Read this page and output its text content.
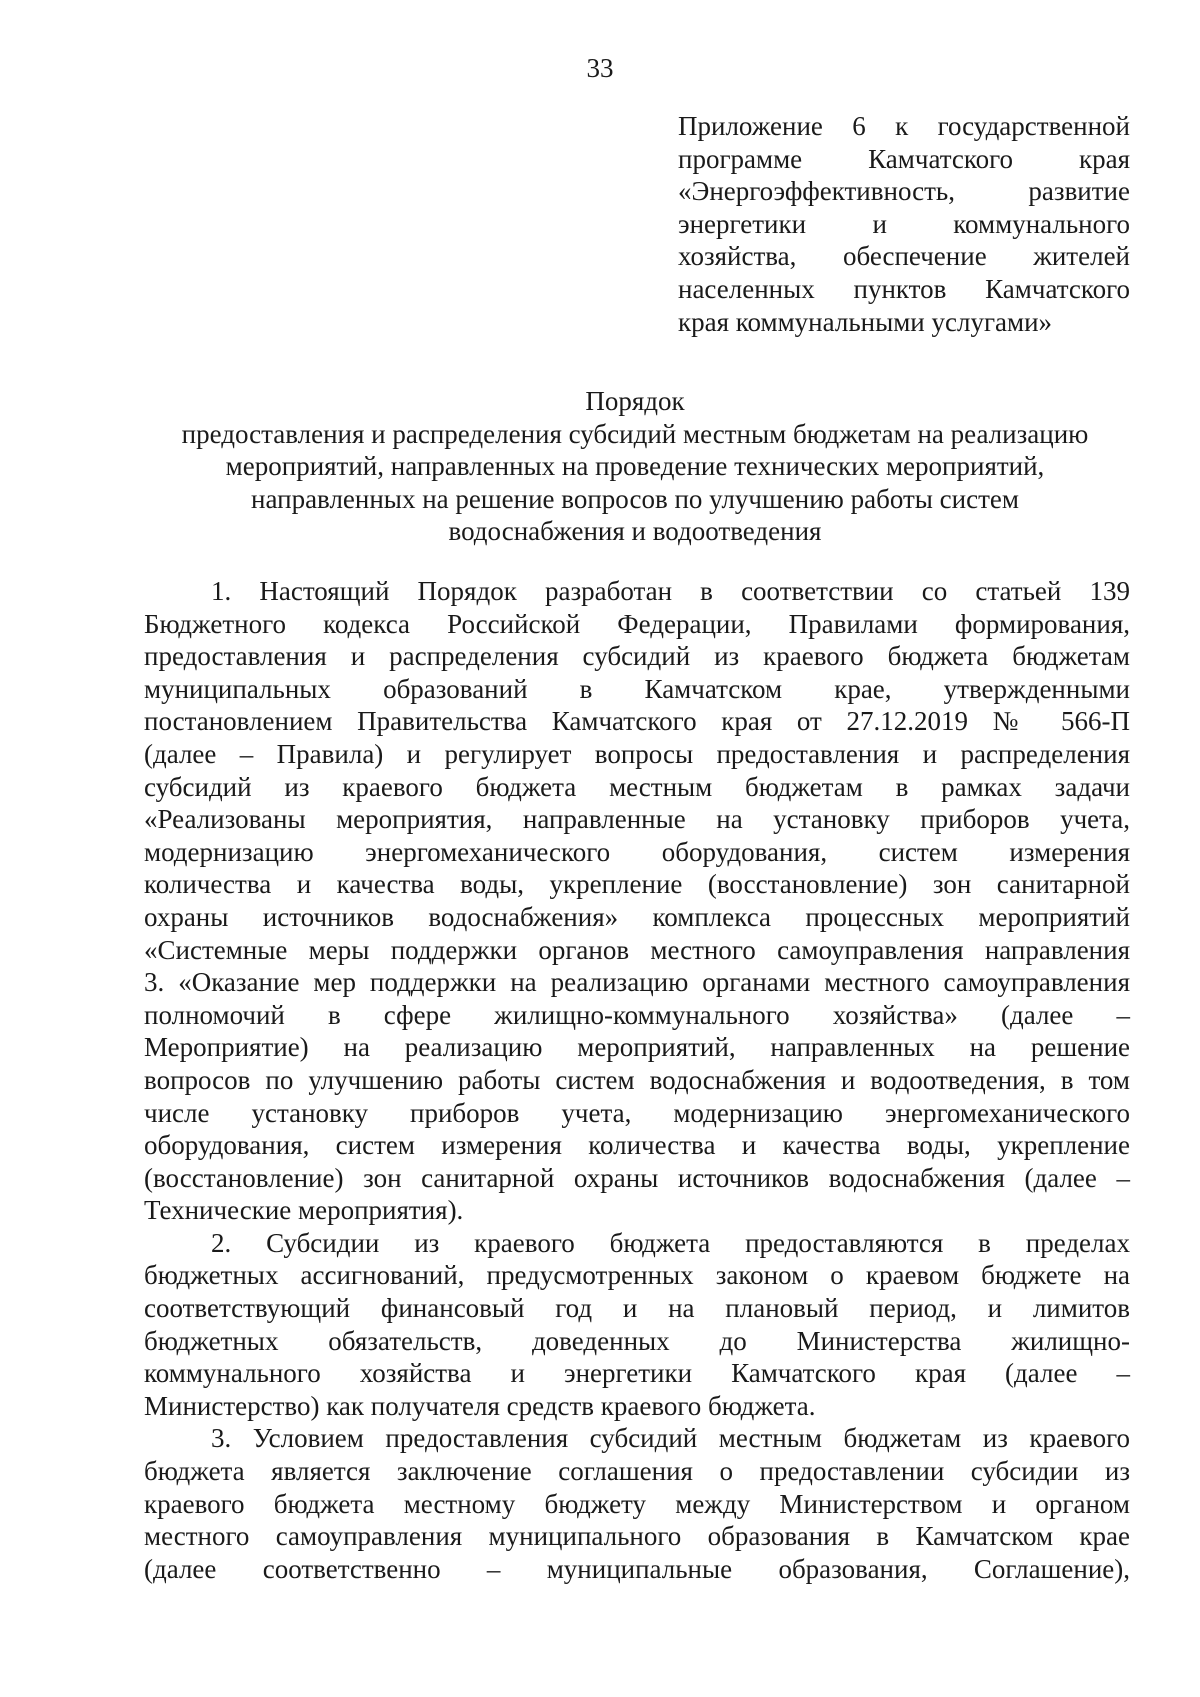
33
Приложение 6 к государственной
программе Камчатского края
«Энергоэффективность, развитие
энергетики и коммунального
хозяйства, обеспечение жителей
населенных пунктов Камчатского
края коммунальными услугами»
Порядок
предоставления и распределения субсидий местным бюджетам на реализацию
мероприятий, направленных на проведение технических мероприятий,
направленных на решение вопросов по улучшению работы систем
водоснабжения и водоотведения
1. Настоящий Порядок разработан в соответствии со статьей 139
Бюджетного кодекса Российской Федерации, Правилами формирования,
предоставления и распределения субсидий из краевого бюджета бюджетам
муниципальных образований в Камчатском крае, утвержденными
постановлением Правительства Камчатского края от 27.12.2019 № 566-П
(далее – Правила) и регулирует вопросы предоставления и распределения
субсидий из краевого бюджета местным бюджетам в рамках задачи
«Реализованы мероприятия, направленные на установку приборов учета,
модернизацию энергомеханического оборудования, систем измерения
количества и качества воды, укрепление (восстановление) зон санитарной
охраны источников водоснабжения» комплекса процессных мероприятий
«Системные меры поддержки органов местного самоуправления направления
3. «Оказание мер поддержки на реализацию органами местного самоуправления
полномочий в сфере жилищно-коммунального хозяйства» (далее –
Мероприятие) на реализацию мероприятий, направленных на решение
вопросов по улучшению работы систем водоснабжения и водоотведения, в том
числе установку приборов учета, модернизацию энергомеханического
оборудования, систем измерения количества и качества воды, укрепление
(восстановление) зон санитарной охраны источников водоснабжения (далее –
Технические мероприятия).
2. Субсидии из краевого бюджета предоставляются в пределах
бюджетных ассигнований, предусмотренных законом о краевом бюджете на
соответствующий финансовый год и на плановый период, и лимитов
бюджетных обязательств, доведенных до Министерства жилищно-
коммунального хозяйства и энергетики Камчатского края (далее –
Министерство) как получателя средств краевого бюджета.
3. Условием предоставления субсидий местным бюджетам из краевого
бюджета является заключение соглашения о предоставлении субсидии из
краевого бюджета местному бюджету между Министерством и органом
местного самоуправления муниципального образования в Камчатском крае
(далее соответственно – муниципальные образования, Соглашение),
